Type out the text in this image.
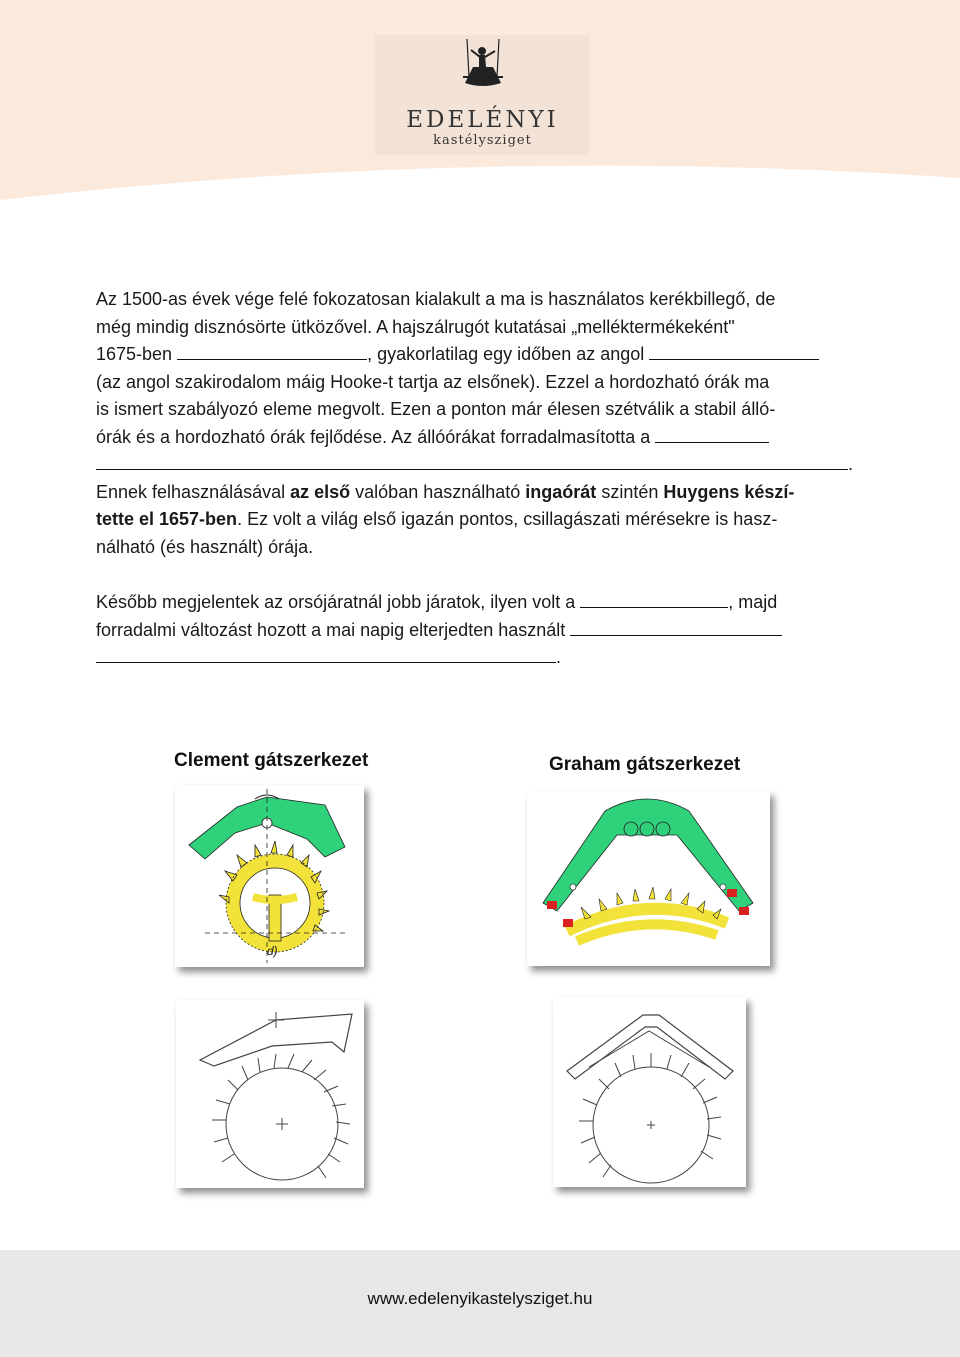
EDELÉNYI
kastélysziget
Az 1500-as évek vége felé fokozatosan kialakult a ma is használatos kerékbillegő, de
még mindig disznósörte ütközővel. A hajszálrugót kutatásai „melléktermékeként"
1675-ben	, gyakorlatilag egy időben az angol
(az angol szakirodalom máig Hooke-t tartja az elsőnek). Ezzel a hordozható órák ma
is ismert szabályozó eleme megvolt. Ezen a ponton már élesen szétválik a stabil álló-
órák és a hordozható órák fejlődése. Az állóórákat forradalmasította a
.
Ennek felhasználásával az első valóban használható ingaórát szintén Huygens készí-
tette el 1657-ben. Ez volt a világ első igazán pontos, csillagászati mérésekre is hasz-
nálható (és használt) órája.
Később megjelentek az orsójáratnál jobb járatok, ilyen volt a	, majd
forradalmi változást hozott a mai napig elterjedten használt
.
Clement gátszerkezet	Graham gátszerkezet
d)
www.edelenyikastelysziget.hu
